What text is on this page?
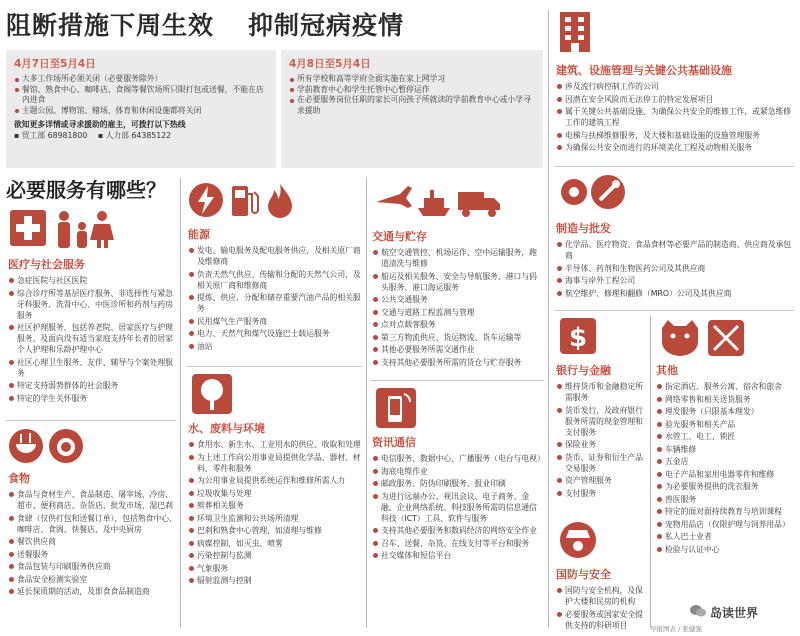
阻断措施下周生效 抑制冠病疫情
4月7日至5月4日
大多工作场所必须关闭（必要服务除外）
餐馆、熟食中心、咖啡店、食阁等餐饮场所只限打包或送餐，不能在店内进食
主题公园、博物馆、赌场、体育和休闲设施都将关闭
欲知更多详情或寻求援助的雇主，可拨打以下热线
▪ 贸工部 68981800 ▪ 人力部 64385122
4月8日至5月4日
所有学校和高等学府全面实施在家上网学习
学前教育中心和学生托管中心暂停运作
在必要服务岗位任职的家长可向孩子所就读的学前教育中心或小学寻求援助
必要服务有哪些？
医疗与社会服务
急症医院与社区医院
综合诊疗所等基层医疗服务、非选择性与紧急牙科服务、洗肾中心、中医诊所和药剂与药房服务
社区护理服务，包括养老院、居家医疗与护理服务，及面向没有适当家庭支持年长者的居家个人护理和乐龄护理中心
社区心理卫生服务、友伴、辅导与个案处理服务
特定支持弱势群体的社会服务
特定的学生关怀服务
食物
食品与食材生产、食品制造、屠宰场、冷房、超市、便利商店、杂货店、批发市场、湿巴刹
食肆（仅供打包和送餐订单），包括熟食中心、咖啡店、食阁、快餐店，及中央厨房
餐饮供应商
送餐服务
食品包装与印刷服务供应商
食品安全检测实验室
延长保质期的活动，及即食食品制造商
能源
发电、输电服务及配电服务供应，及相关原厂商及维修商
负责天然气供应、传输和分配的天然气公司，及相关原厂商和维修商
提炼、供应、分配和储存重要汽油产品的相关服务
民用煤气生产服务商
电力、天然气和煤气设施巴士载运服务
油站
水、废料与环境
食用水、新生水、工业用水的供应、收取和处理
为上述工作向公用事业局提供化学品、器材、材料、零件和服务
为公用事业局提供系统运作和维修所需人力
垃圾收集与处理
殡葬相关服务
环境卫生监测和公共场所清理
巴刹和熟食中心管理，如清理与维修
病媒控制，如灭虫、喷雾
污染控制与监测
气象服务
辐射监测与控制
交通与贮存
航空交通管控、机场运作、空中运输服务，跑道清洗与维修
船运及相关服务、安全与导航服务、港口与码头服务、港口海运服务
公共交通服务
交通与道路工程监测与管理
点对点载客服务
第三方物流供应、货运物流、货车运输等
其他必要服务所需交通作业
支持其他必要服务所需的货仓与贮存服务
资讯通信
电信服务、数据中心、广播服务（电台与电视）
海底电缆作业
邮政服务、防伪印刷服务、报业印刷
为进行远端办公、视讯会议、电子商务、金融、企业网络系统、科技服务所需的信息通信科技（ICT）工具、软件与服务
支持其他必要服务和数码经济的网络安全作业
召车、送餐、杂货、在线支付等平台和服务
社交媒体和短信平台
建筑、设施管理与关键公共基础设施
涉及流行病控制工作的公司
因潜在安全风险而无法停工的特定发展项目
属于关键公共基础设施、为确保公共安全的维修工作，或紧急维修工作的建筑工程
电梯与扶梯维修服务，及大楼和基础设施的设施管理服务
为确保公共安全而进行的环境美化工程及动物相关服务
制造与批发
化学品、医疗物资、食品食材等必要产品的制造商、供应商及承包商
半导体、药剂和生物医药公司及其供应商
海事与岸外工程公司
航空维护、修理和翻修（MRO）公司及其供应商
$
银行与金融
维持货币和金融稳定所需服务
货币发行，及政府银行服务所需的现金管理和支付服务
保险业务
货币、证券和衍生产品交易服务
资产管理服务
支付服务
国防与安全
国防与安全机构，及保护大楼和民房的机构
必要服务或国家安全提供支持的科研项目
其他
指定酒店、服务公寓、宿舍和旅舍
网络零售和相关送货服务
理发服务（只限基本理发）
验光服务和相关产品
水管工、电工、锁匠
车辆维修
五金店
电子产品和家用电器零件和维修
为必要服务提供的洗衣服务
兽医服务
特定的面对面持续教育与培训课程
宠物用品店（仅限护理与饲养用品）
私人巴士业者
检验与认证中心
早报图表 / 张健强
岛读世界
